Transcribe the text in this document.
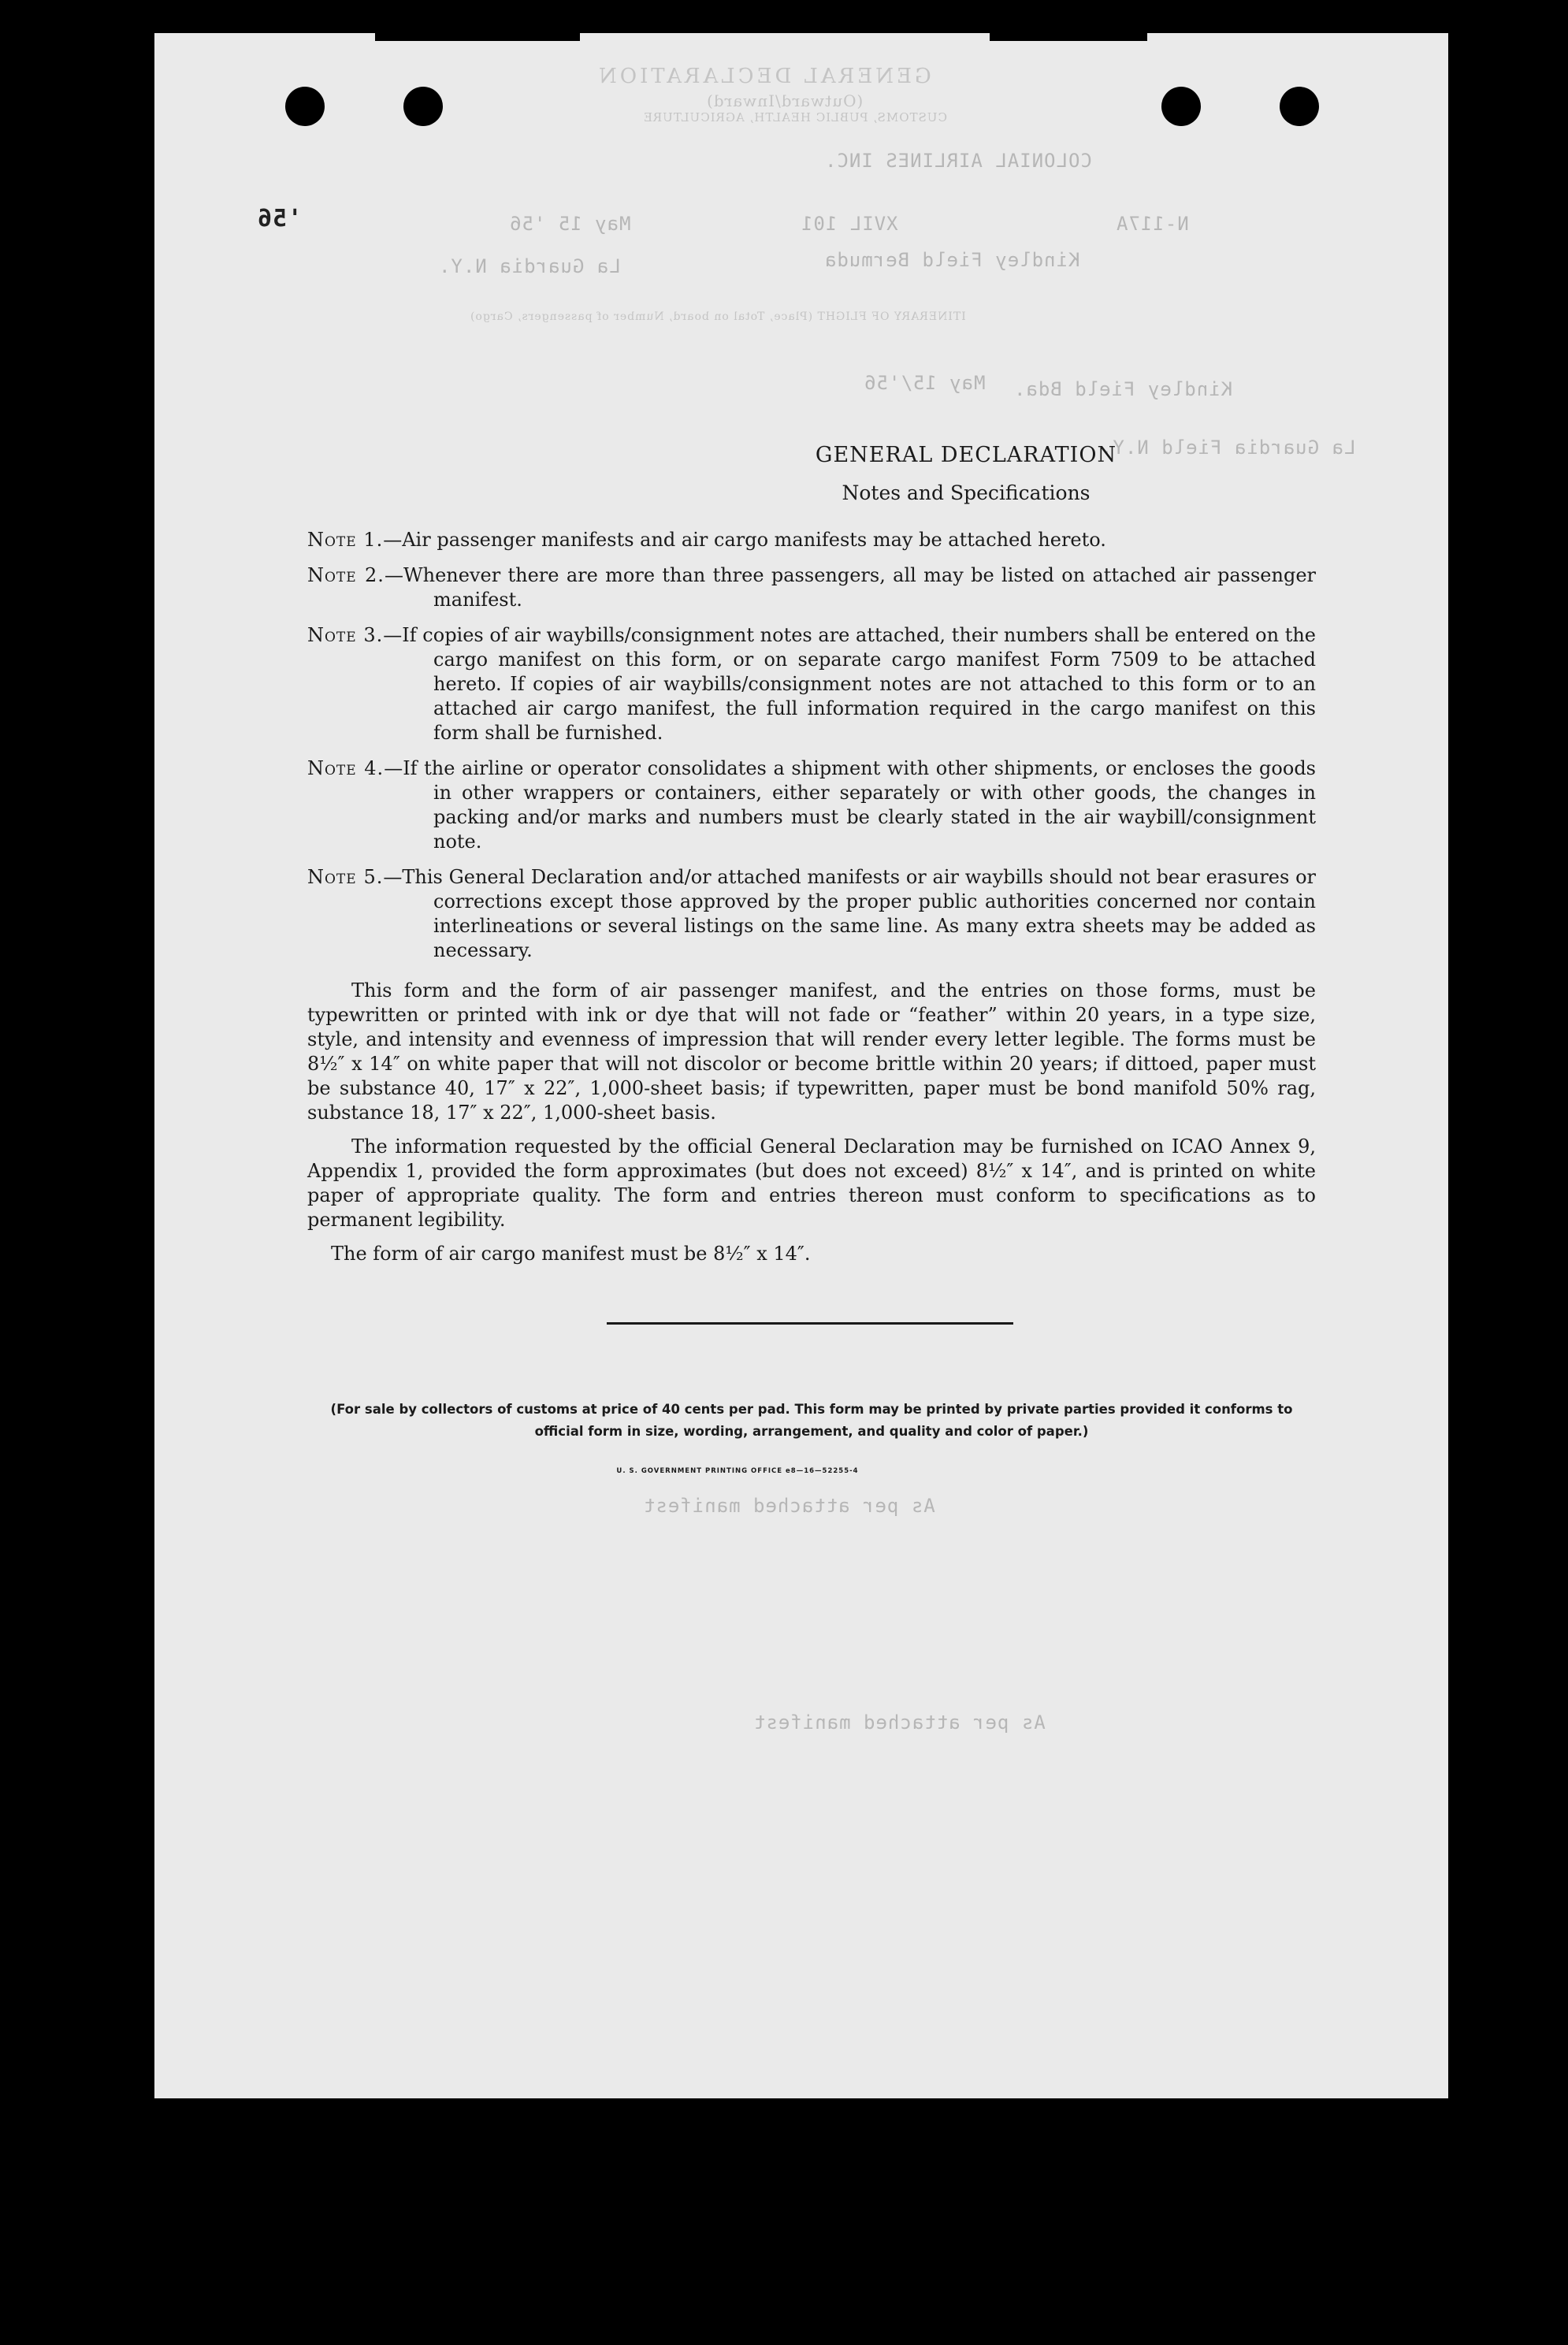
GENERAL DECLARATION
(Outward/Inward)
CUSTOMS, PUBLIC HEALTH, AGRICULTURE
COLONIAL AIRLINES INC.
N-117A
XVIL 101
May 15 '56
'56
Kindley Field Bermuda
La Guardia N.Y.
ITINERARY OF FLIGHT (Place, Total on board, Number of passengers, Cargo)
Kindley Field Bda.
May 15/'56
La Guardia Field N.Y.
As per attached manifest
As per attached manifest
GENERAL DECLARATION
Notes and Specifications
Note 1.—Air passenger manifests and air cargo manifests may be attached hereto.
Note 2.—Whenever there are more than three passengers, all may be listed on attached air passenger manifest.
Note 3.—If copies of air waybills/consignment notes are attached, their numbers shall be entered on the cargo manifest on this form, or on separate cargo manifest Form 7509 to be attached hereto. If copies of air waybills/consignment notes are not attached to this form or to an attached air cargo manifest, the full information required in the cargo manifest on this form shall be furnished.
Note 4.—If the airline or operator consolidates a shipment with other shipments, or encloses the goods in other wrappers or containers, either separately or with other goods, the changes in packing and/or marks and numbers must be clearly stated in the air waybill/consignment note.
Note 5.—This General Declaration and/or attached manifests or air waybills should not bear erasures or corrections except those approved by the proper public authorities concerned nor contain interlineations or several listings on the same line. As many extra sheets may be added as necessary.
This form and the form of air passenger manifest, and the entries on those forms, must be typewritten or printed with ink or dye that will not fade or “feather” within 20 years, in a type size, style, and intensity and evenness of impression that will render every letter legible. The forms must be 8½″ x 14″ on white paper that will not discolor or become brittle within 20 years; if dittoed, paper must be substance 40, 17″ x 22″, 1,000-sheet basis; if typewritten, paper must be bond manifold 50% rag, substance 18, 17″ x 22″, 1,000-sheet basis.
The information requested by the official General Declaration may be furnished on ICAO Annex 9, Appendix 1, provided the form approximates (but does not exceed) 8½″ x 14″, and is printed on white paper of appropriate quality. The form and entries thereon must conform to specifications as to permanent legibility.
The form of air cargo manifest must be 8½″ x 14″.
(For sale by collectors of customs at price of 40 cents per pad. This form may be printed by private parties provided it conforms to official form in size, wording, arrangement, and quality and color of paper.)
U. S. GOVERNMENT PRINTING OFFICE e8—16—52255-4
